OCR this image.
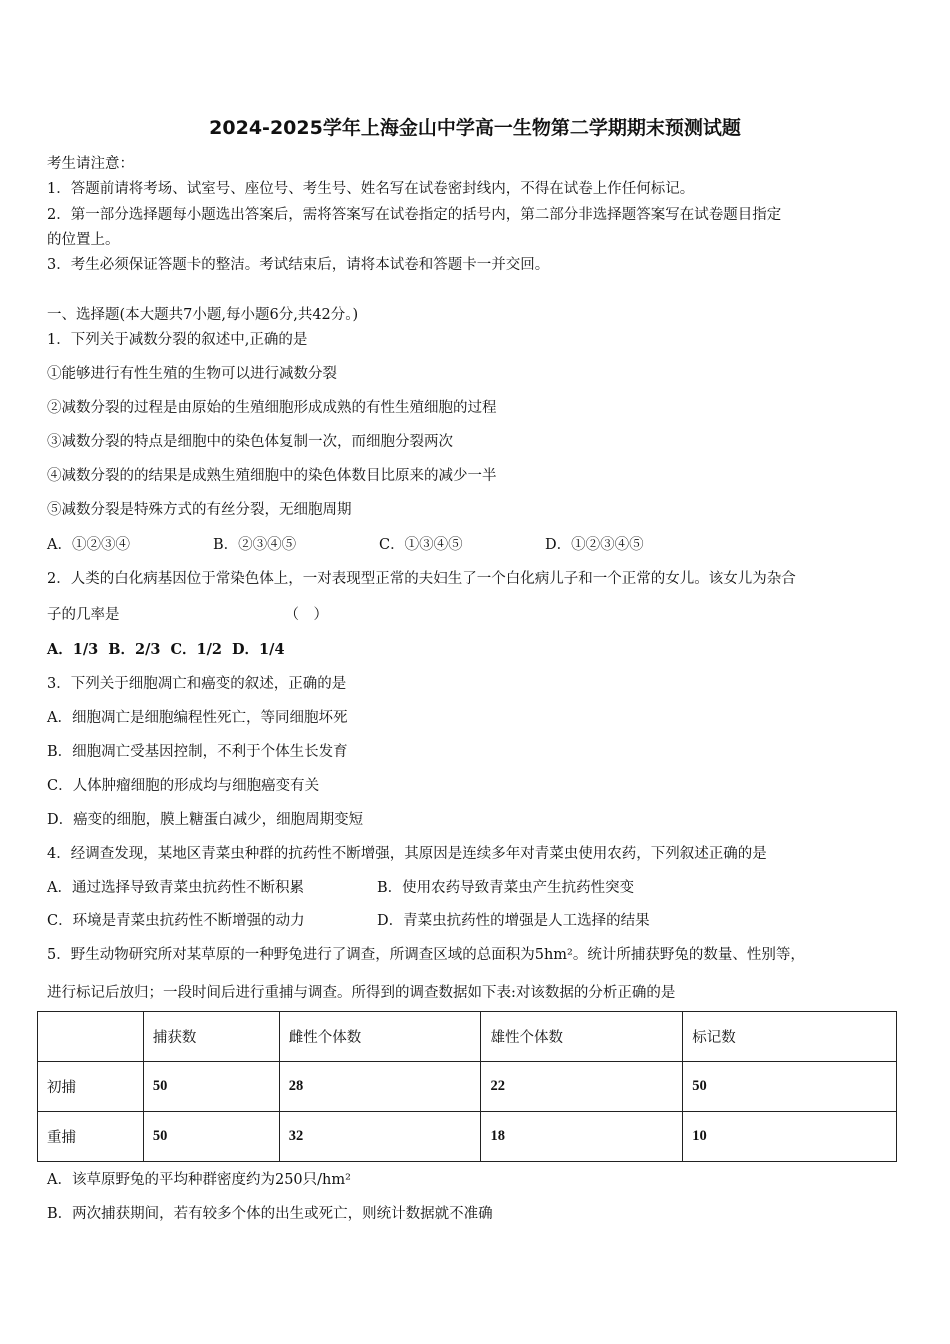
2024-2025学年上海金山中学高一生物第二学期期末预测试题
考生请注意：
1．答题前请将考场、试室号、座位号、考生号、姓名写在试卷密封线内，不得在试卷上作任何标记。
2．第一部分选择题每小题选出答案后，需将答案写在试卷指定的括号内，第二部分非选择题答案写在试卷题目指定
的位置上。
3．考生必须保证答题卡的整洁。考试结束后，请将本试卷和答题卡一并交回。
一、选择题(本大题共7小题,每小题6分,共42分。)
1．下列关于减数分裂的叙述中,正确的是
①能够进行有性生殖的生物可以进行减数分裂
②减数分裂的过程是由原始的生殖细胞形成成熟的有性生殖细胞的过程
③减数分裂的特点是细胞中的染色体复制一次，而细胞分裂两次
④减数分裂的的结果是成熟生殖细胞中的染色体数目比原来的减少一半
⑤减数分裂是特殊方式的有丝分裂，无细胞周期
A．①②③④	B．②③④⑤	C．①③④⑤	D．①②③④⑤
2．人类的白化病基因位于常染色体上，一对表现型正常的夫妇生了一个白化病儿子和一个正常的女儿。该女儿为杂合
子的几率是	（　）
A．1/3 B．2/3 C．1/2 D．1/4
3．下列关于细胞凋亡和癌变的叙述，正确的是
A．细胞凋亡是细胞编程性死亡，等同细胞坏死
B．细胞凋亡受基因控制，不利于个体生长发育
C．人体肿瘤细胞的形成均与细胞癌变有关
D．癌变的细胞，膜上糖蛋白减少，细胞周期变短
4．经调查发现，某地区青菜虫种群的抗药性不断增强，其原因是连续多年对青菜虫使用农药，下列叙述正确的是
A．通过选择导致青菜虫抗药性不断积累	B．使用农药导致青菜虫产生抗药性突变
C．环境是青菜虫抗药性不断增强的动力	D．青菜虫抗药性的增强是人工选择的结果
5．野生动物研究所对某草原的一种野兔进行了调查，所调查区域的总面积为5hm²。统计所捕获野兔的数量、性别等，
进行标记后放归；一段时间后进行重捕与调查。所得到的调查数据如下表:对该数据的分析正确的是
	捕获数	雌性个体数	雄性个体数	标记数
初捕	50	28	22	50
重捕	50	32	18	10
A．该草原野兔的平均种群密度约为250只/hm²
B．两次捕获期间，若有较多个体的出生或死亡，则统计数据就不准确
